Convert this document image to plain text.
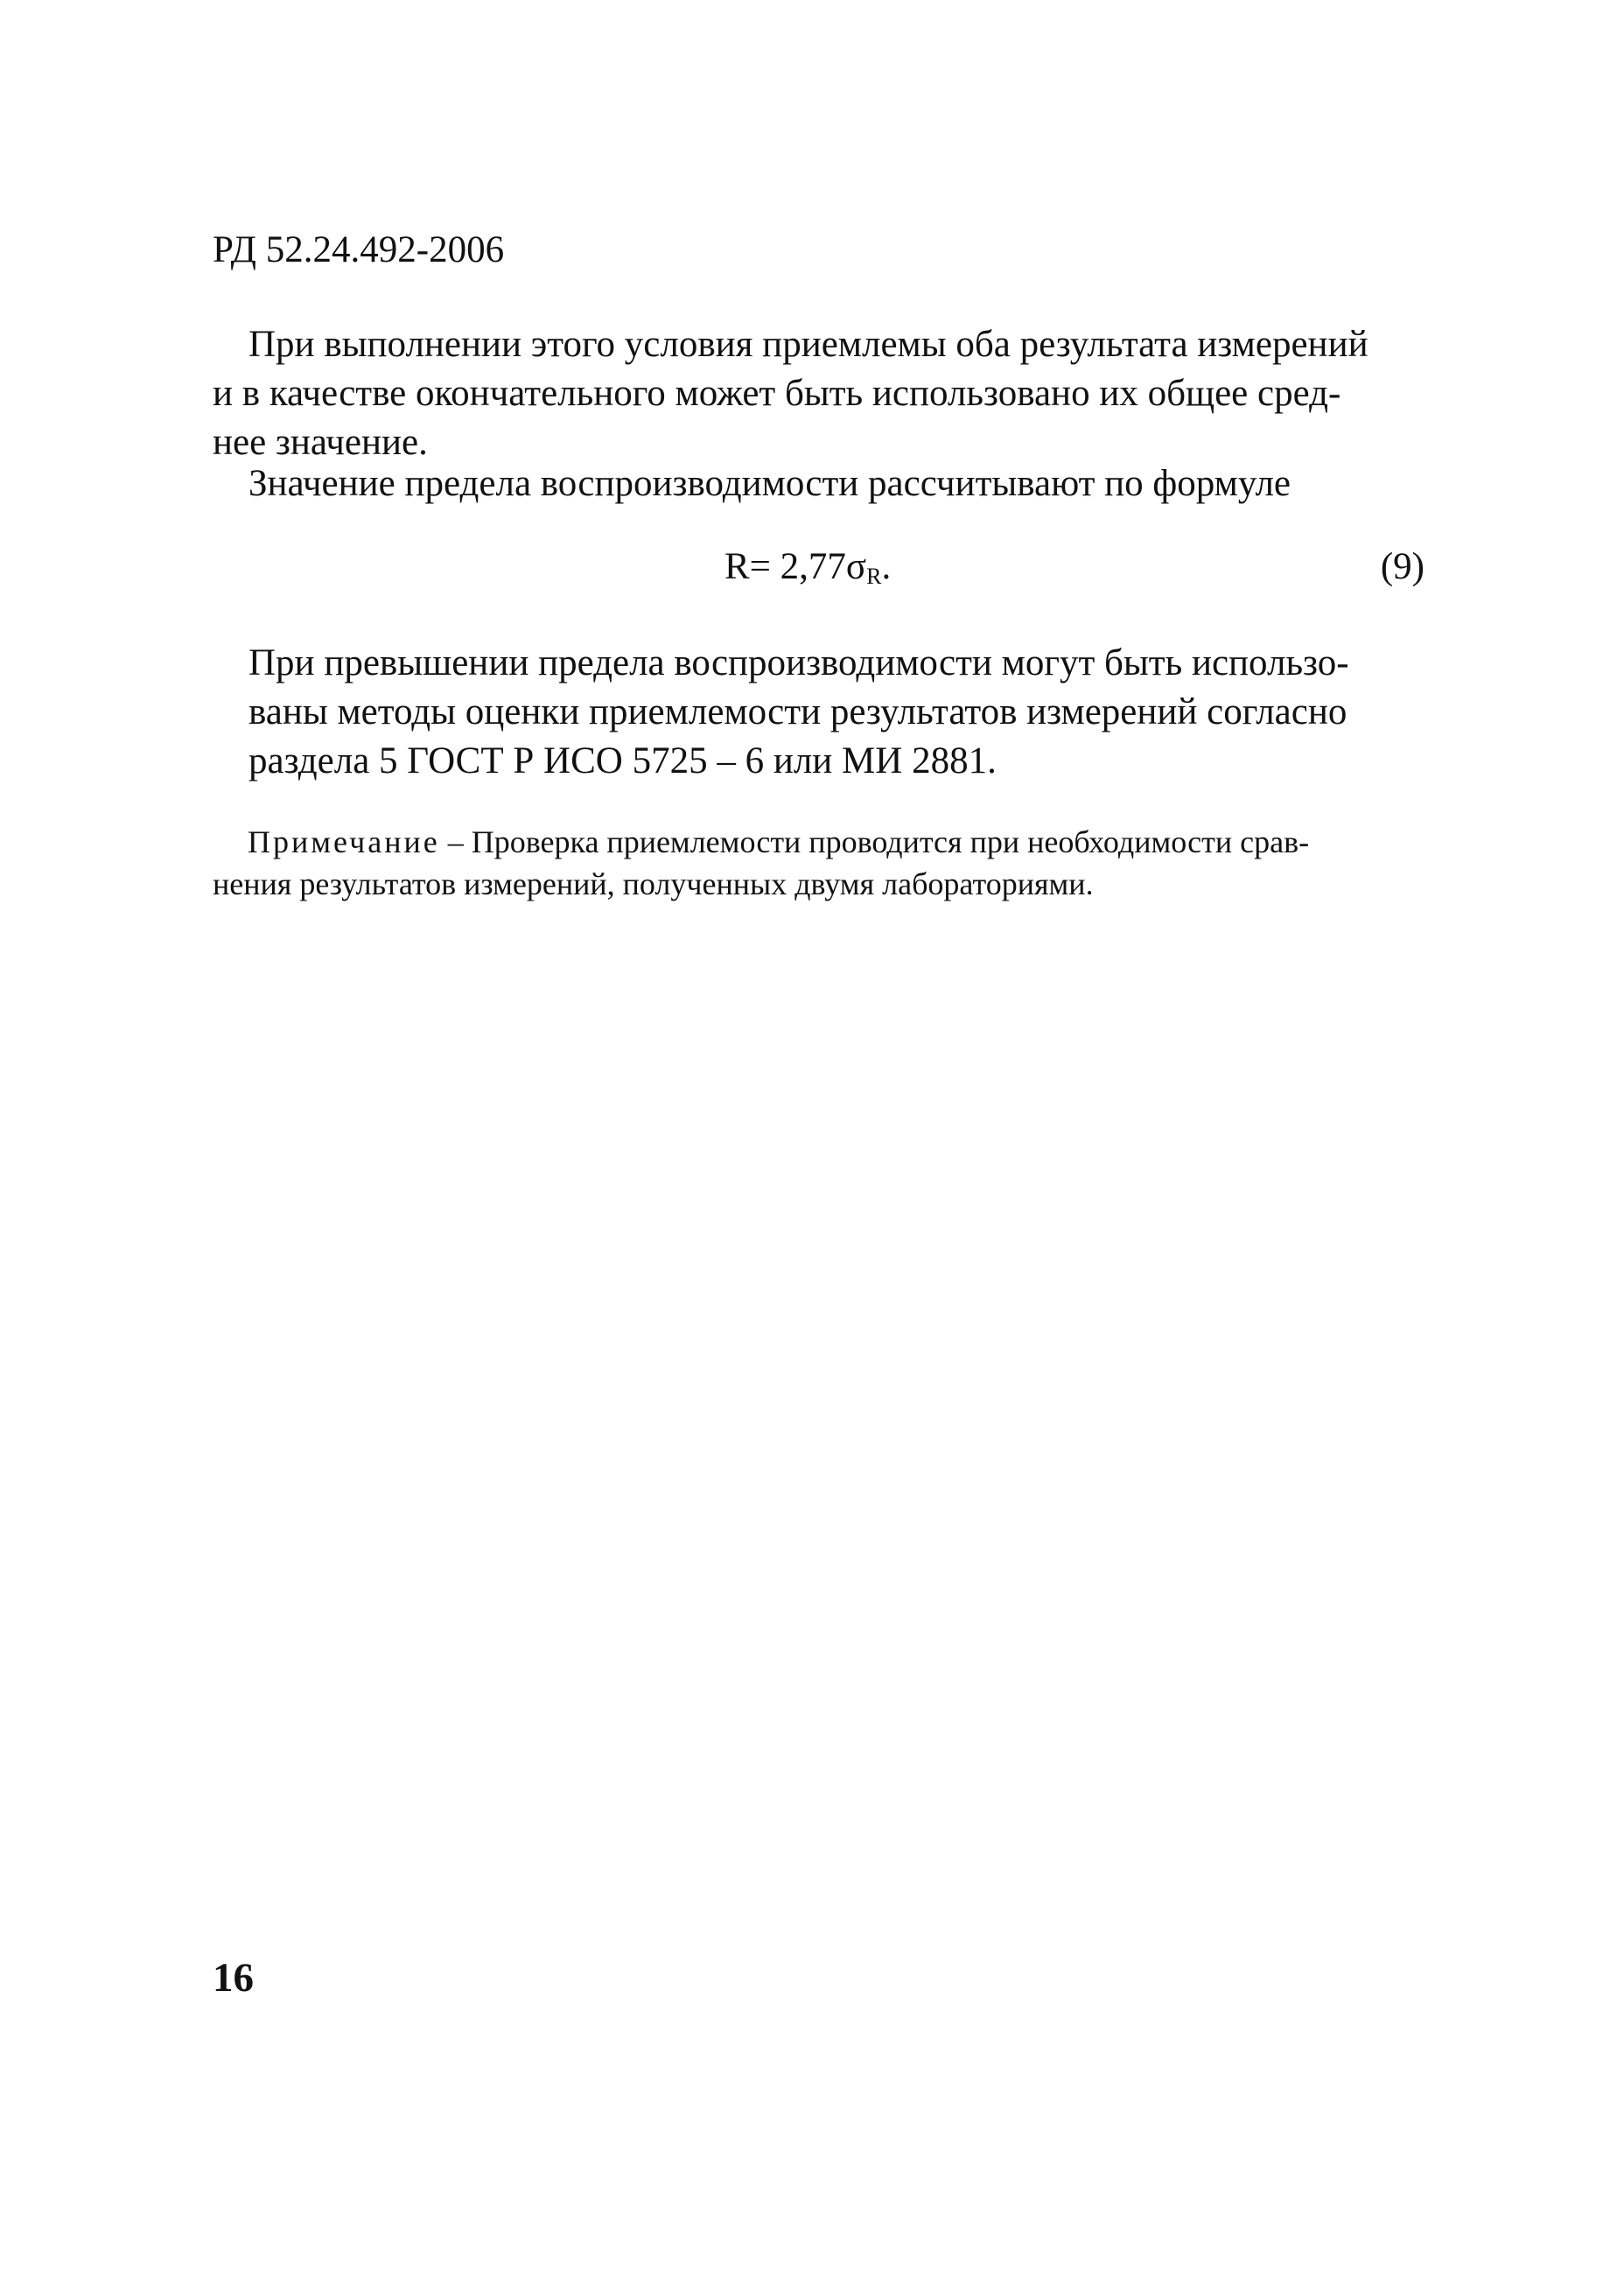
РД 52.24.492-2006
При выполнении этого условия приемлемы оба результата измерений
и в качестве окончательного может быть использовано их общее сред-
нее значение.
Значение предела воспроизводимости рассчитывают по формуле
$R= 2,77\sigma_R$.	(9)
При превышении предела воспроизводимости могут быть использо-
ваны методы оценки приемлемости результатов измерений согласно
раздела 5 ГОСТ Р ИСО 5725 – 6 или МИ 2881.
Примечание – Проверка приемлемости проводится при необходимости срав-
нения результатов измерений, полученных двумя лабораториями.
16
